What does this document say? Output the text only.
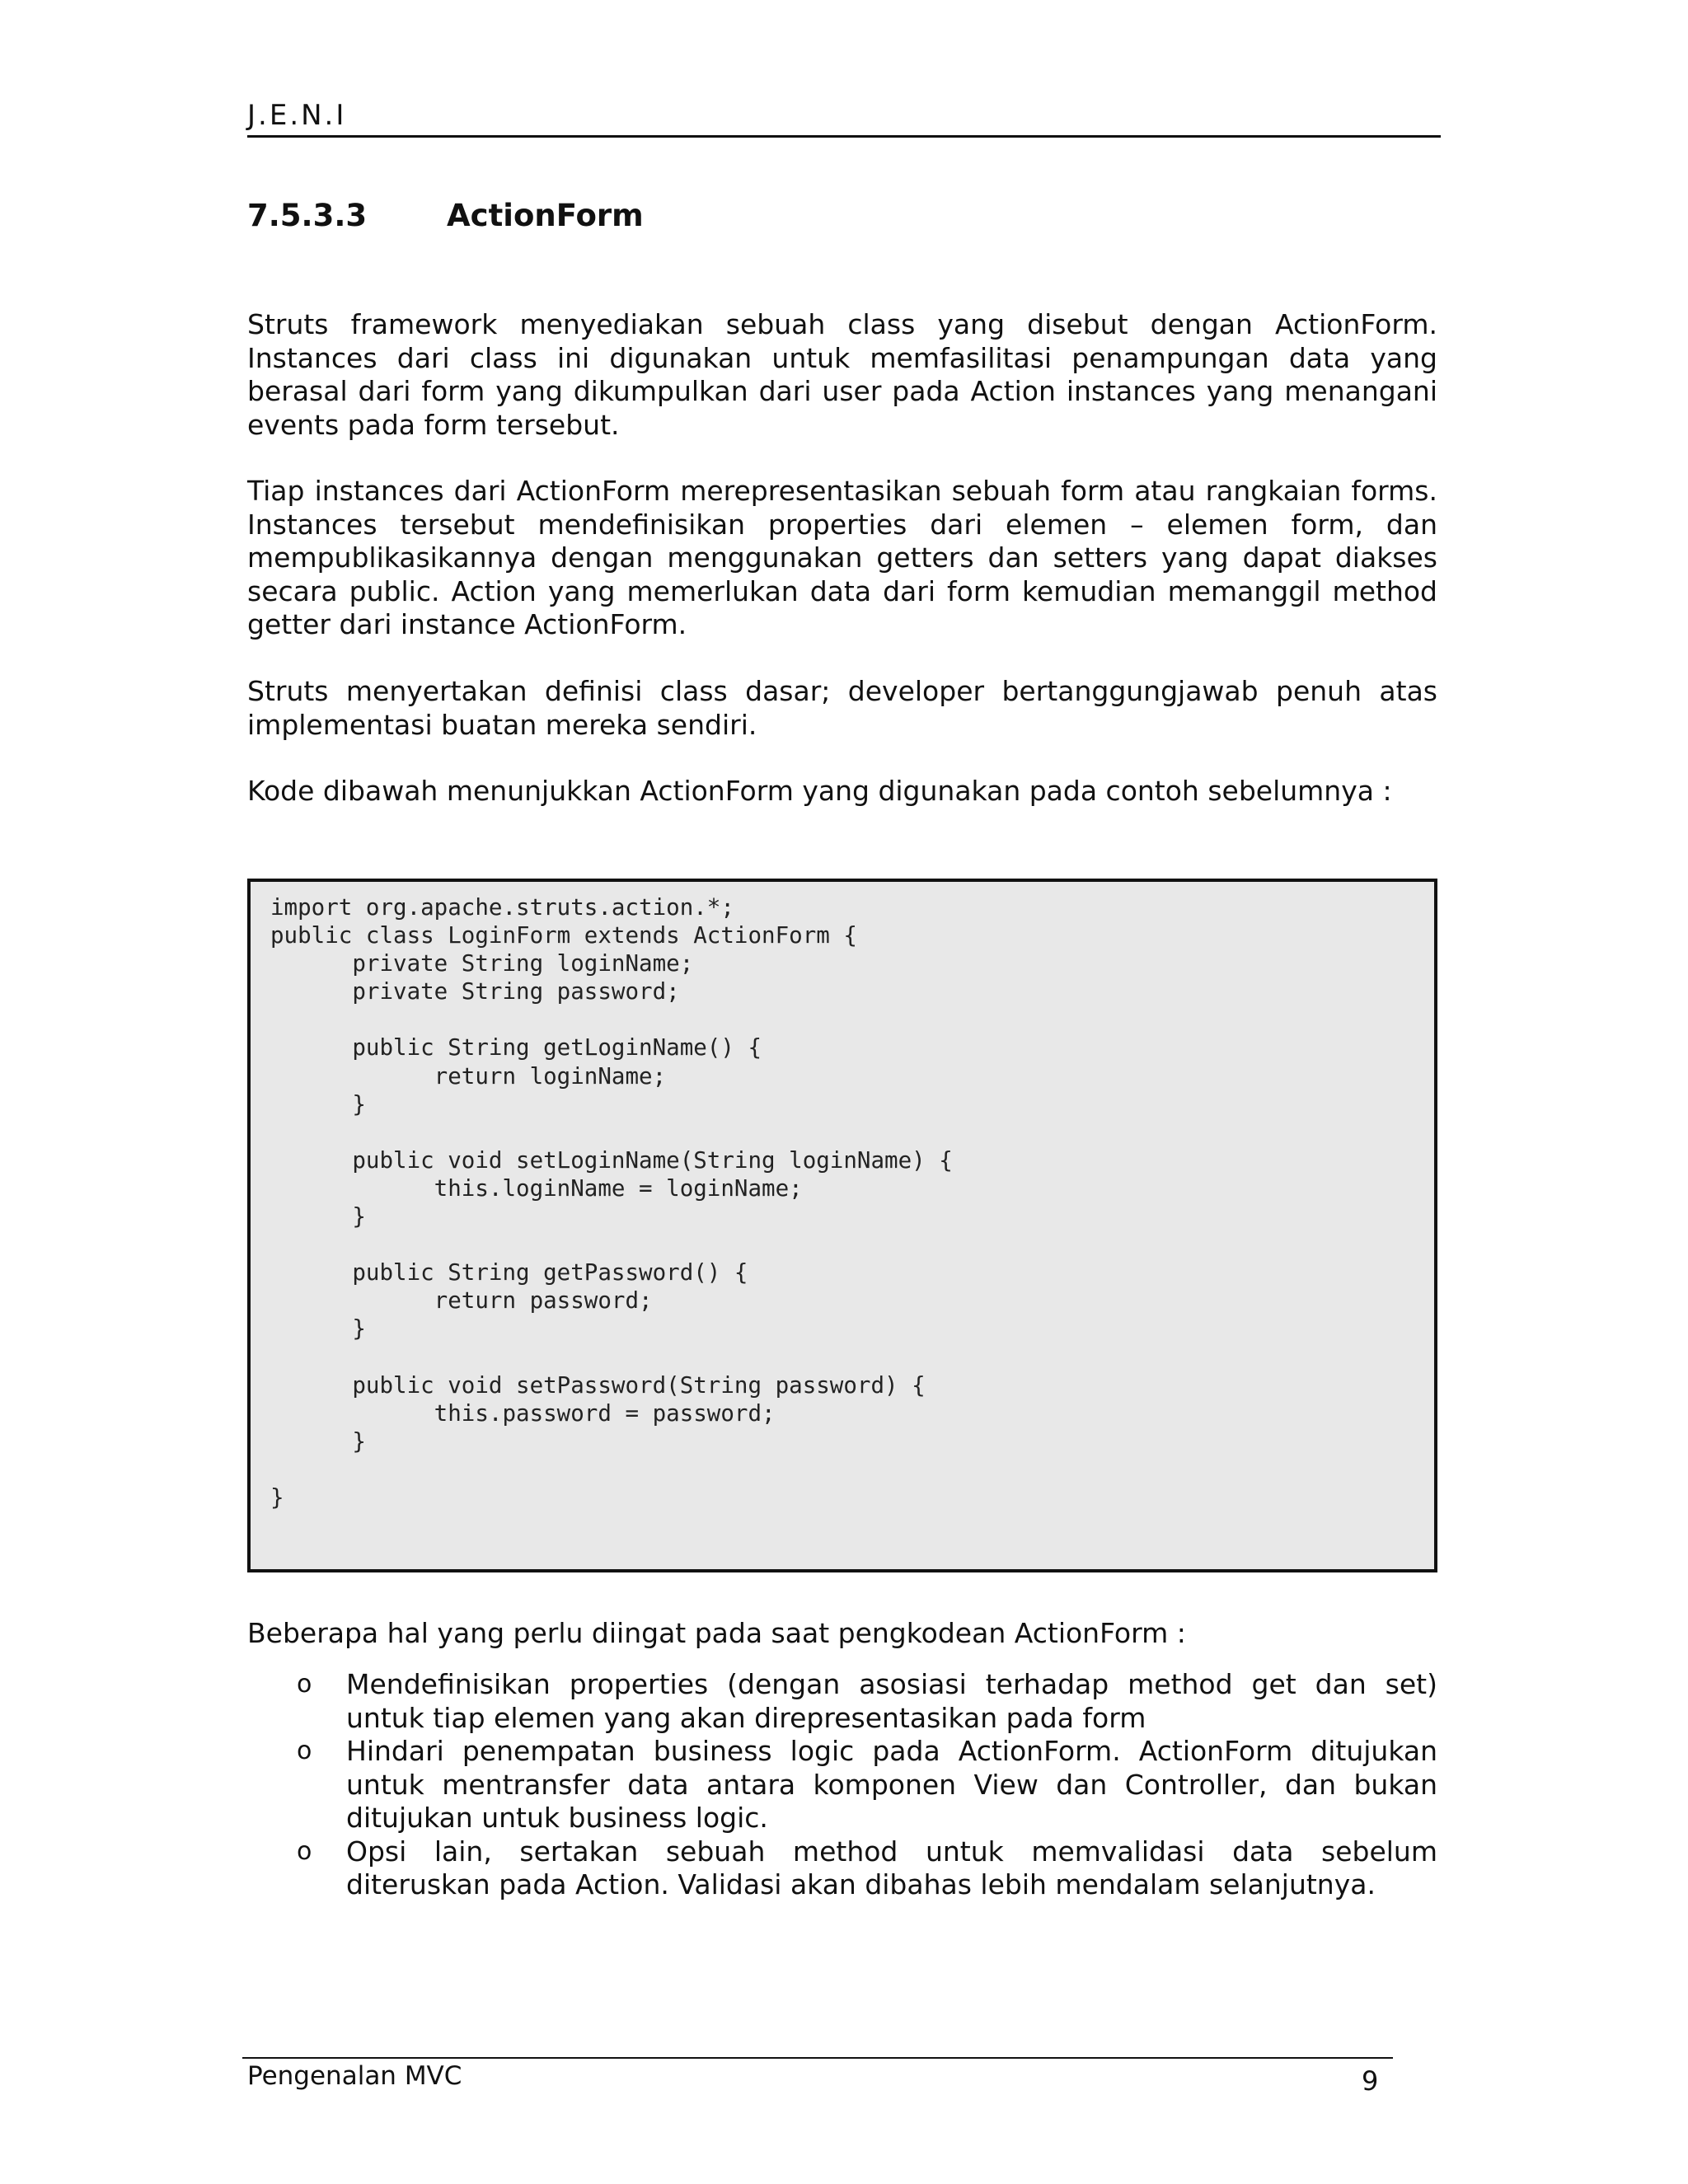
J.E.N.I
7.5.3.3	ActionForm

Struts framework menyediakan sebuah class yang disebut dengan ActionForm. Instances dari class ini digunakan untuk memfasilitasi penampungan data yang berasal dari form yang dikumpulkan dari user pada Action instances yang menangani events pada form tersebut.

Tiap instances dari ActionForm merepresentasikan sebuah form atau rangkaian forms. Instances tersebut mendefinisikan properties dari elemen – elemen form, dan mempublikasikannya dengan menggunakan getters dan setters yang dapat diakses secara public. Action yang memerlukan data dari form kemudian memanggil method getter dari instance ActionForm.

Struts menyertakan definisi class dasar; developer bertanggungjawab penuh atas implementasi buatan mereka sendiri.

Kode dibawah menunjukkan ActionForm yang digunakan pada contoh sebelumnya :

import org.apache.struts.action.*;
public class LoginForm extends ActionForm {
private String loginName;
private String password;
public String getLoginName() {
return loginName;
}
public void setLoginName(String loginName) {
this.loginName = loginName;
}
public String getPassword() {
return password;
}
public void setPassword(String password) {
this.password = password;
}
}

Beberapa hal yang perlu diingat pada saat pengkodean ActionForm :

o Mendefinisikan properties (dengan asosiasi terhadap method get dan set) untuk tiap elemen yang akan direpresentasikan pada form
o Hindari penempatan business logic pada ActionForm. ActionForm ditujukan untuk mentransfer data antara komponen View dan Controller, dan bukan ditujukan untuk business logic.
o Opsi lain, sertakan sebuah method untuk memvalidasi data sebelum diteruskan pada Action. Validasi akan dibahas lebih mendalam selanjutnya.
Pengenalan MVC	9
